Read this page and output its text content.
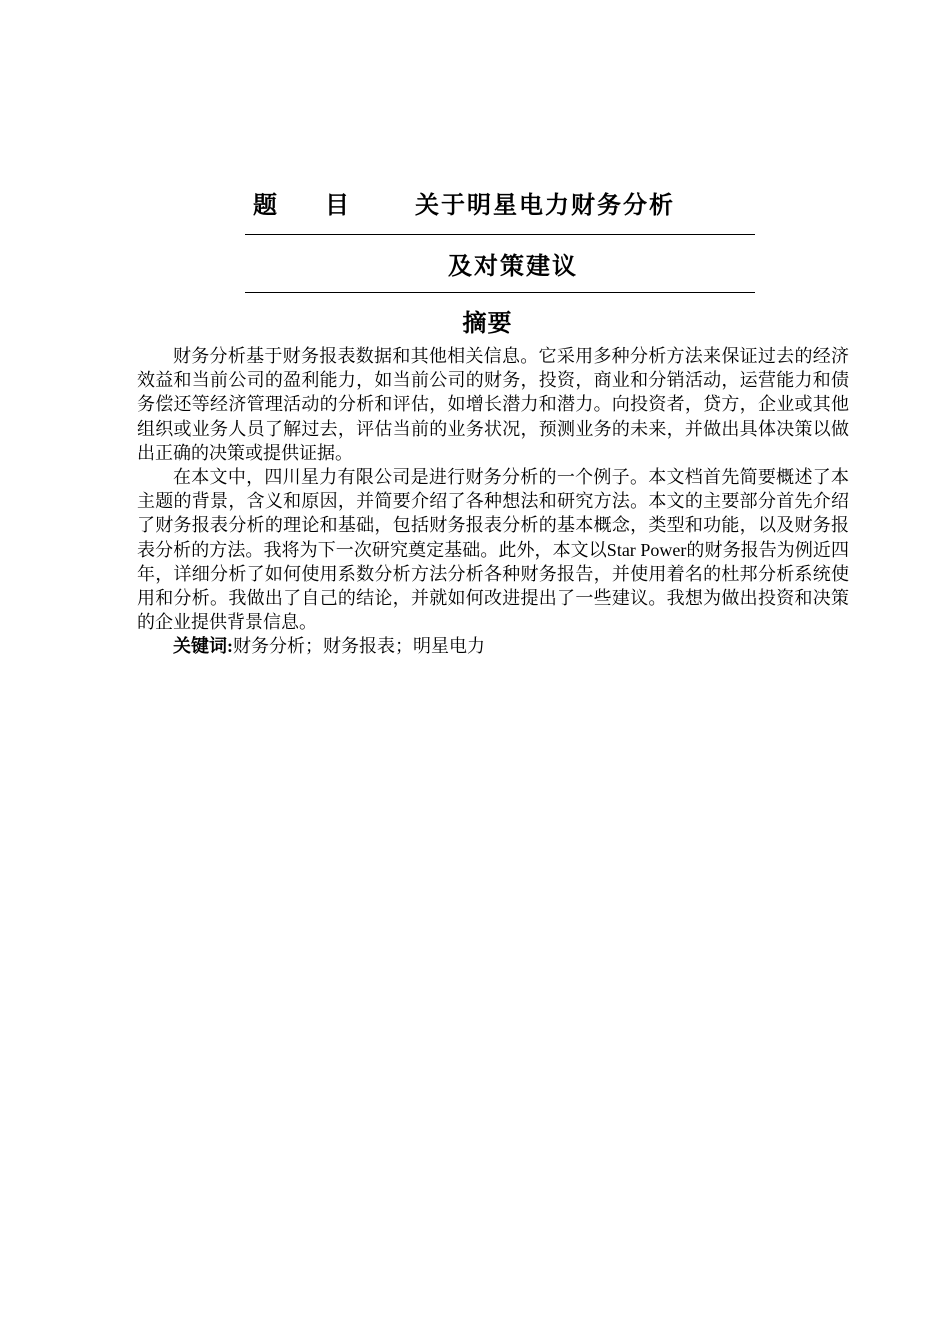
题 目	关于明星电力财务分析
及对策建议
摘要

财务分析基于财务报表数据和其他相关信息。它采用多种分析方法来保证过去的经济效益和当前公司的盈利能力，如当前公司的财务，投资，商业和分销活动，运营能力和债务偿还等经济管理活动的分析和评估，如增长潜力和潜力。向投资者，贷方，企业或其他组织或业务人员了解过去，评估当前的业务状况，预测业务的未来，并做出具体决策以做出正确的决策或提供证据。

在本文中，四川星力有限公司是进行财务分析的一个例子。本文档首先简要概述了本主题的背景，含义和原因，并简要介绍了各种想法和研究方法。本文的主要部分首先介绍了财务报表分析的理论和基础，包括财务报表分析的基本概念，类型和功能，以及财务报表分析的方法。我将为下一次研究奠定基础。此外，本文以Star Power的财务报告为例近四年，详细分析了如何使用系数分析方法分析各种财务报告，并使用着名的杜邦分析系统使用和分析。我做出了自己的结论，并就如何改进提出了一些建议。我想为做出投资和决策的企业提供背景信息。

关键词:财务分析；财务报表；明星电力
